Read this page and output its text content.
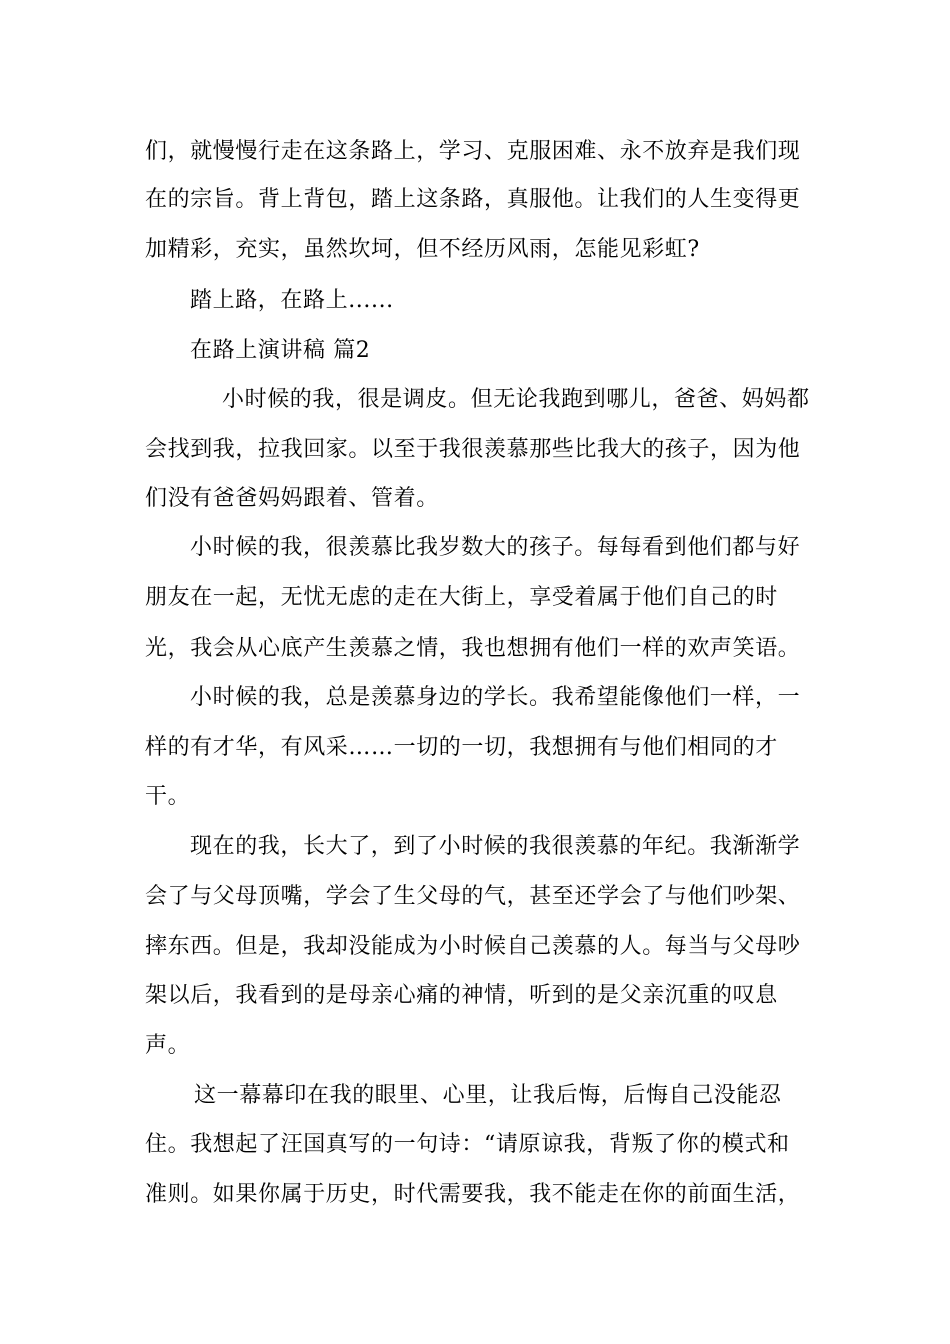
们，就慢慢行走在这条路上，学习、克服困难、永不放弃是我们现

在的宗旨。背上背包，踏上这条路，真服他。让我们的人生变得更

加精彩，充实，虽然坎坷，但不经历风雨，怎能见彩虹?

踏上路，在路上......

在路上演讲稿 篇2

小时候的我，很是调皮。但无论我跑到哪儿，爸爸、妈妈都

会找到我，拉我回家。以至于我很羡慕那些比我大的孩子，因为他

们没有爸爸妈妈跟着、管着。

小时候的我，很羡慕比我岁数大的孩子。每每看到他们都与好

朋友在一起，无忧无虑的走在大街上，享受着属于他们自己的时

光，我会从心底产生羡慕之情，我也想拥有他们一样的欢声笑语。

小时候的我，总是羡慕身边的学长。我希望能像他们一样，一

样的有才华，有风采……一切的一切，我想拥有与他们相同的才

干。

现在的我，长大了，到了小时候的我很羡慕的年纪。我渐渐学

会了与父母顶嘴，学会了生父母的气，甚至还学会了与他们吵架、

摔东西。但是，我却没能成为小时候自己羡慕的人。每当与父母吵

架以后，我看到的是母亲心痛的神情，听到的是父亲沉重的叹息

声。

这一幕幕印在我的眼里、心里，让我后悔，后悔自己没能忍

住。我想起了汪国真写的一句诗：“请原谅我，背叛了你的模式和

准则。如果你属于历史，时代需要我，我不能走在你的前面生活，
